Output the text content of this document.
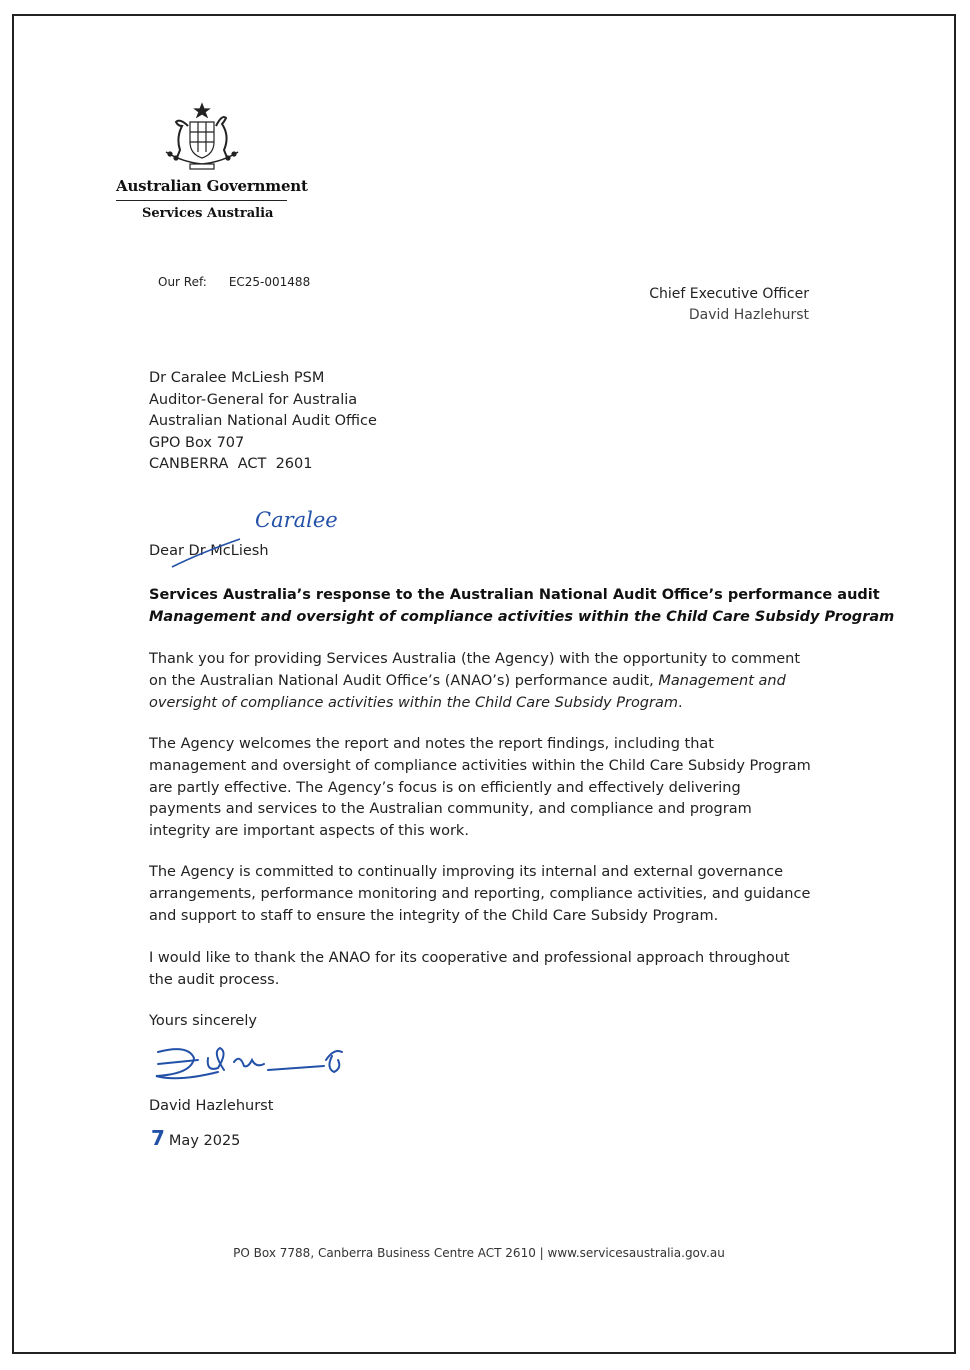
Australian Government
Services Australia
Our Ref: EC25-001488
Chief Executive Officer
David Hazlehurst
Dr Caralee McLiesh PSM
Auditor-General for Australia
Australian National Audit Office
GPO Box 707
CANBERRA  ACT  2601
Dear Dr McLiesh
Caralee
Services Australia’s response to the Australian National Audit Office’s performance audit
Management and oversight of compliance activities within the Child Care Subsidy Program
Thank you for providing Services Australia (the Agency) with the opportunity to comment on the Australian National Audit Office’s (ANAO’s) performance audit, Management and oversight of compliance activities within the Child Care Subsidy Program.
The Agency welcomes the report and notes the report findings, including that management and oversight of compliance activities within the Child Care Subsidy Program are partly effective. The Agency’s focus is on efficiently and effectively delivering payments and services to the Australian community, and compliance and program integrity are important aspects of this work.
The Agency is committed to continually improving its internal and external governance arrangements, performance monitoring and reporting, compliance activities, and guidance and support to staff to ensure the integrity of the Child Care Subsidy Program.
I would like to thank the ANAO for its cooperative and professional approach throughout the audit process.
Yours sincerely
David Hazlehurst
7 May 2025
PO Box 7788, Canberra Business Centre ACT 2610 | www.servicesaustralia.gov.au
